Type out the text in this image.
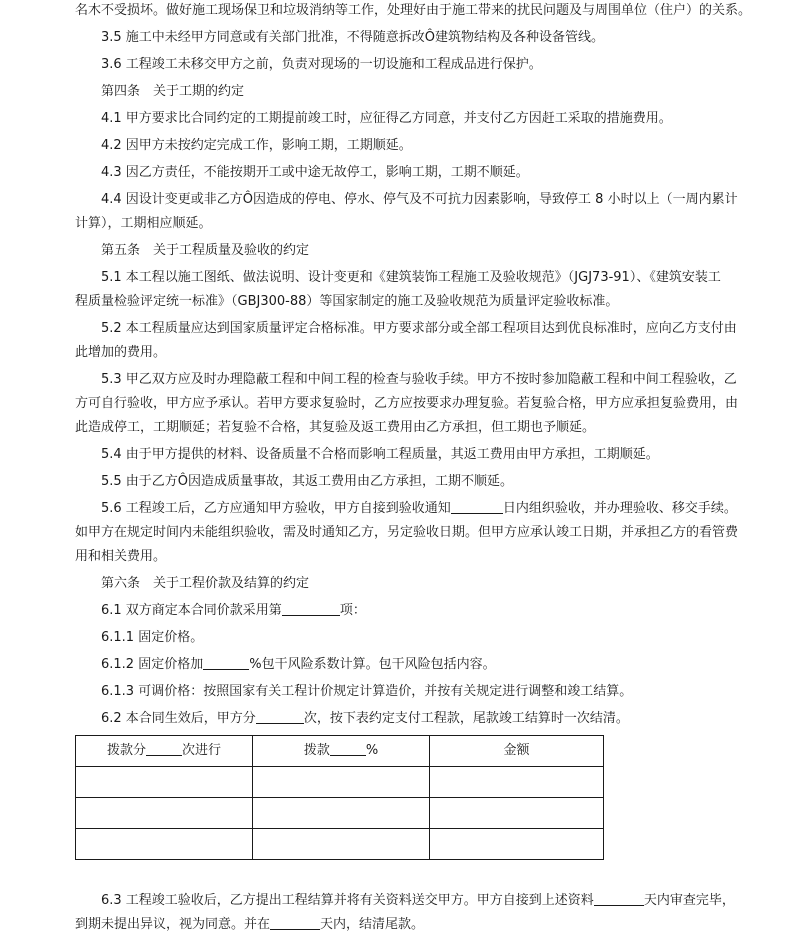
名木不受损坏。做好施工现场保卫和垃圾消纳等工作，处理好由于施工带来的扰民问题及与周围单位（住户）的关系。
3.5 施工中未经甲方同意或有关部门批准，不得随意拆改Ô建筑物结构及各种设备管线。
3.6 工程竣工未移交甲方之前，负责对现场的一切设施和工程成品进行保护。
第四条　关于工期的约定
4.1 甲方要求比合同约定的工期提前竣工时，应征得乙方同意，并支付乙方因赶工采取的措施费用。
4.2 因甲方未按约定完成工作，影响工期，工期顺延。
4.3 因乙方责任，不能按期开工或中途无故停工，影响工期，工期不顺延。
4.4 因设计变更或非乙方Ô因造成的停电、停水、停气及不可抗力因素影响，导致停工 8 小时以上（一周内累计
计算），工期相应顺延。
第五条　关于工程质量及验收的约定
5.1 本工程以施工图纸、做法说明、设计变更和《建筑装饰工程施工及验收规范》（JGJ73-91）、《建筑安装工
程质量检验评定统一标准》（GBJ300-88）等国家制定的施工及验收规范为质量评定验收标准。
5.2 本工程质量应达到国家质量评定合格标准。甲方要求部分或全部工程项目达到优良标准时，应向乙方支付由
此增加的费用。
5.3 甲乙双方应及时办理隐蔽工程和中间工程的检查与验收手续。甲方不按时参加隐蔽工程和中间工程验收，乙
方可自行验收，甲方应予承认。若甲方要求复验时，乙方应按要求办理复验。若复验合格，甲方应承担复验费用，由
此造成停工，工期顺延；若复验不合格，其复验及返工费用由乙方承担，但工期也予顺延。
5.4 由于甲方提供的材料、设备质量不合格而影响工程质量，其返工费用由甲方承担，工期顺延。
5.5 由于乙方Ô因造成质量事故，其返工费用由乙方承担，工期不顺延。
5.6 工程竣工后，乙方应通知甲方验收，甲方自接到验收通知	日内组织验收，并办理验收、移交手续。
如甲方在规定时间内未能组织验收，需及时通知乙方，另定验收日期。但甲方应承认竣工日期，并承担乙方的看管费
用和相关费用。
第六条　关于工程价款及结算的约定
6.1 双方商定本合同价款采用第	项：
6.1.1 固定价格。
6.1.2 固定价格加	%包干风险系数计算。包干风险包括内容。
6.1.3 可调价格：按照国家有关工程计价规定计算造价，并按有关规定进行调整和竣工结算。
6.2 本合同生效后，甲方分	次，按下表约定支付工程款，尾款竣工结算时一次结清。
拨款分 次进行	拨款 %	金额

6.3 工程竣工验收后，乙方提出工程结算并将有关资料送交甲方。甲方自接到上述资料	天内审查完毕，
到期未提出异议，视为同意。并在	天内，结清尾款。
